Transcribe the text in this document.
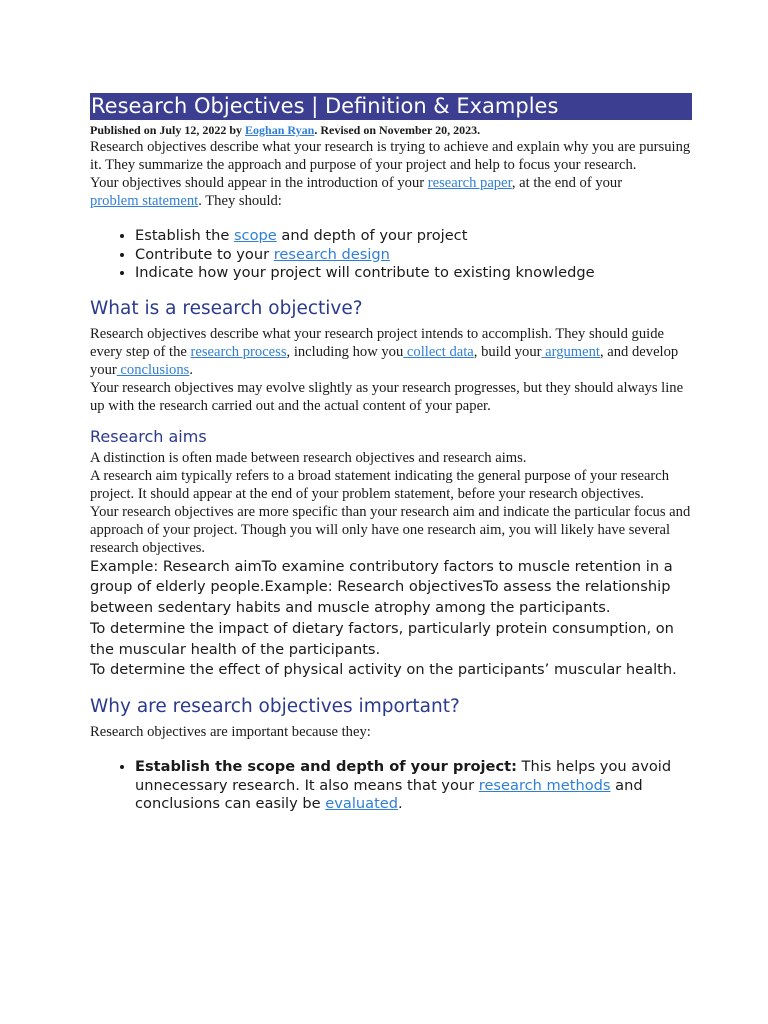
Research Objectives | Definition & Examples
Published on July 12, 2022 by Eoghan Ryan. Revised on November 20, 2023.

Research objectives describe what your research is trying to achieve and explain why you are pursuing it. They summarize the approach and purpose of your project and help to focus your research.

Your objectives should appear in the introduction of your research paper, at the end of your
problem statement. They should:

• Establish the scope and depth of your project
• Contribute to your research design
• Indicate how your project will contribute to existing knowledge
What is a research objective?

Research objectives describe what your research project intends to accomplish. They should guide every step of the research process, including how you collect data, build your argument, and develop your conclusions.

Your research objectives may evolve slightly as your research progresses, but they should always line up with the research carried out and the actual content of your paper.

Research aims

A distinction is often made between research objectives and research aims.

A research aim typically refers to a broad statement indicating the general purpose of your research project. It should appear at the end of your problem statement, before your research objectives.

Your research objectives are more specific than your research aim and indicate the particular focus and approach of your project. Though you will only have one research aim, you will likely have several research objectives.

Example: Research aimTo examine contributory factors to muscle retention in a group of elderly people.Example: Research objectivesTo assess the relationship between sedentary habits and muscle atrophy among the participants.

To determine the impact of dietary factors, particularly protein consumption, on the muscular health of the participants.

To determine the effect of physical activity on the participants’ muscular health.

Why are research objectives important?

Research objectives are important because they:

• Establish the scope and depth of your project: This helps you avoid unnecessary research. It also means that your research methods and conclusions can easily be evaluated.
